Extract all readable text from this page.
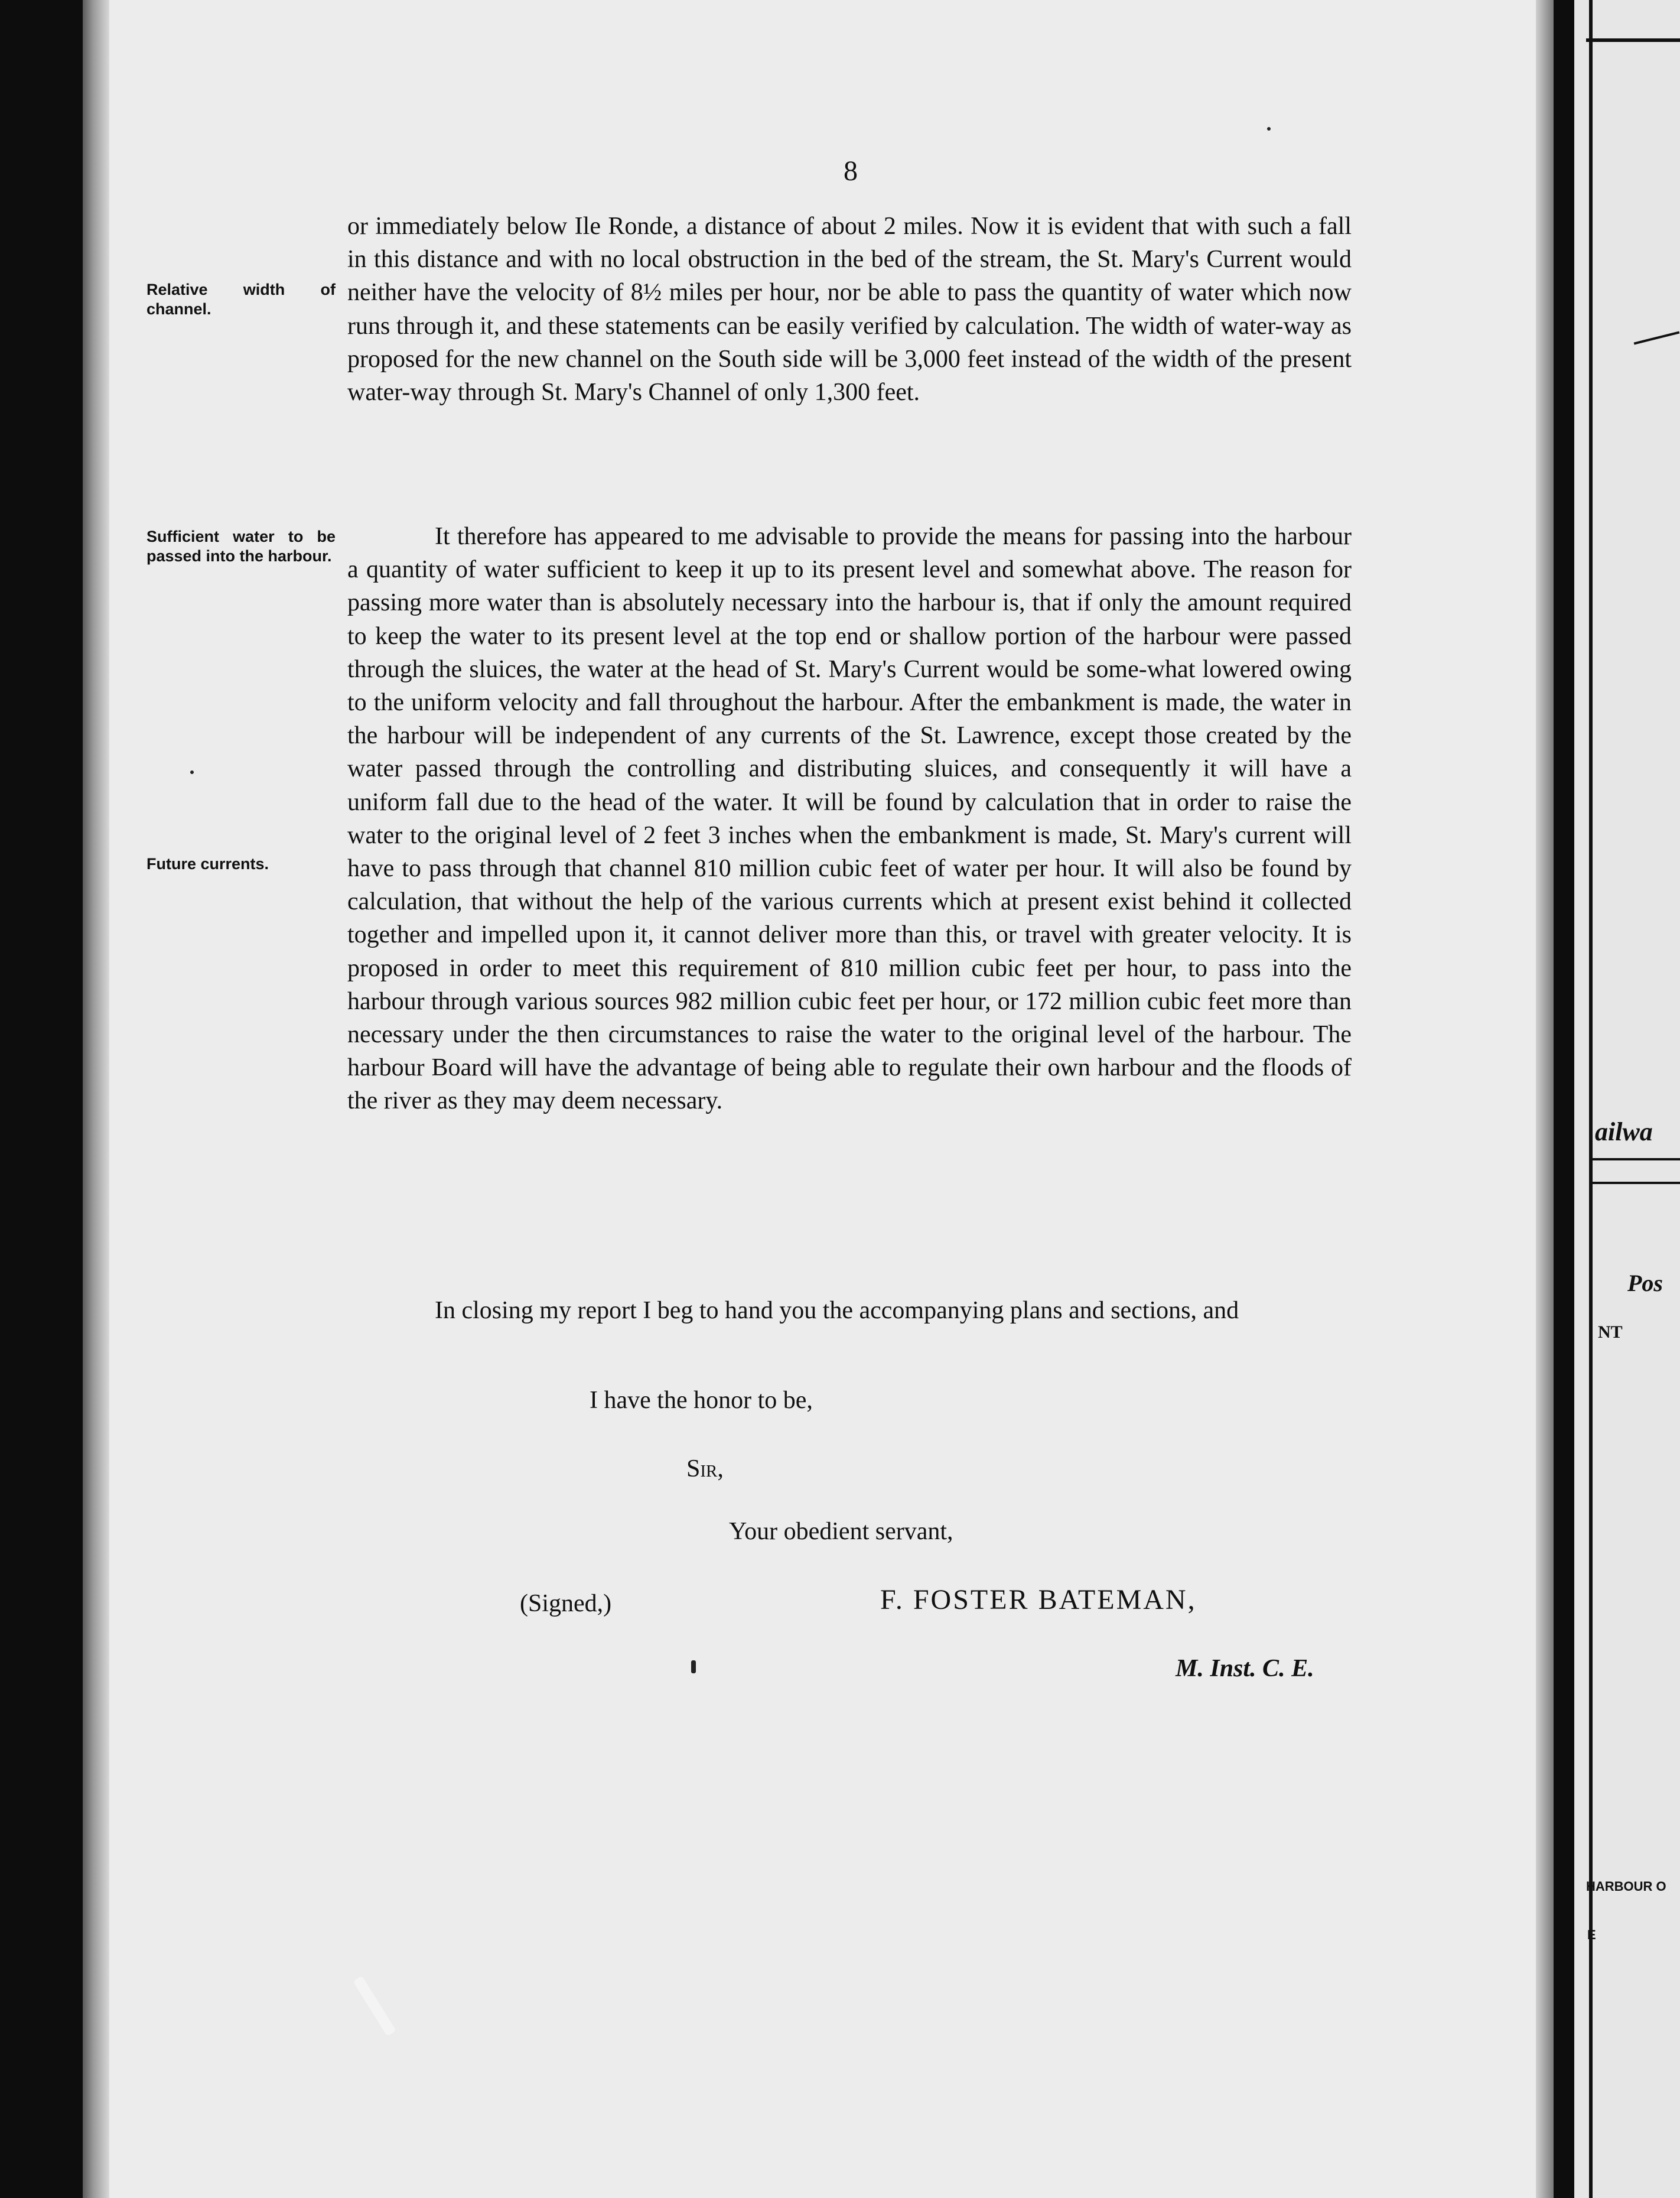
8

or immediately below Ile Ronde, a distance of about 2 miles. Now it is evident that with such a fall in this distance and with no local obstruction in the bed of the stream, the St. Mary's Current would neither have the velocity of 8½ miles per hour, nor be able to pass the quantity of water which now runs through it, and these statements can be easily verified by calculation. The width of water-way as proposed for the new channel on the South side will be 3,000 feet instead of the width of the present water-way through St. Mary's Channel of only 1,300 feet.

It therefore has appeared to me advisable to provide the means for passing into the harbour a quantity of water sufficient to keep it up to its present level and somewhat above. The reason for passing more water than is absolutely necessary into the harbour is, that if only the amount required to keep the water to its present level at the top end or shallow portion of the harbour were passed through the sluices, the water at the head of St. Mary's Current would be some-what lowered owing to the uniform velocity and fall throughout the harbour. After the embankment is made, the water in the harbour will be independent of any currents of the St. Lawrence, except those created by the water passed through the controlling and distributing sluices, and consequently it will have a uniform fall due to the head of the water. It will be found by calculation that in order to raise the water to the original level of 2 feet 3 inches when the embankment is made, St. Mary's current will have to pass through that channel 810 million cubic feet of water per hour. It will also be found by calculation, that without the help of the various currents which at present exist behind it collected together and impelled upon it, it cannot deliver more than this, or travel with greater velocity. It is proposed in order to meet this requirement of 810 million cubic feet per hour, to pass into the harbour through various sources 982 million cubic feet per hour, or 172 million cubic feet more than necessary under the then circumstances to raise the water to the original level of the harbour. The harbour Board will have the advantage of being able to regulate their own harbour and the floods of the river as they may deem necessary.

In closing my report I beg to hand you the accompanying plans and sections, and

Relative width of channel.
Sufficient water to be passed into the harbour.
Future currents.
I have the honor to be,
Sir,
Your obedient servant,
(Signed,)	F. FOSTER BATEMAN,
M. Inst. C. E.
ailwa
Pos
NT
HARBOUR O
E
